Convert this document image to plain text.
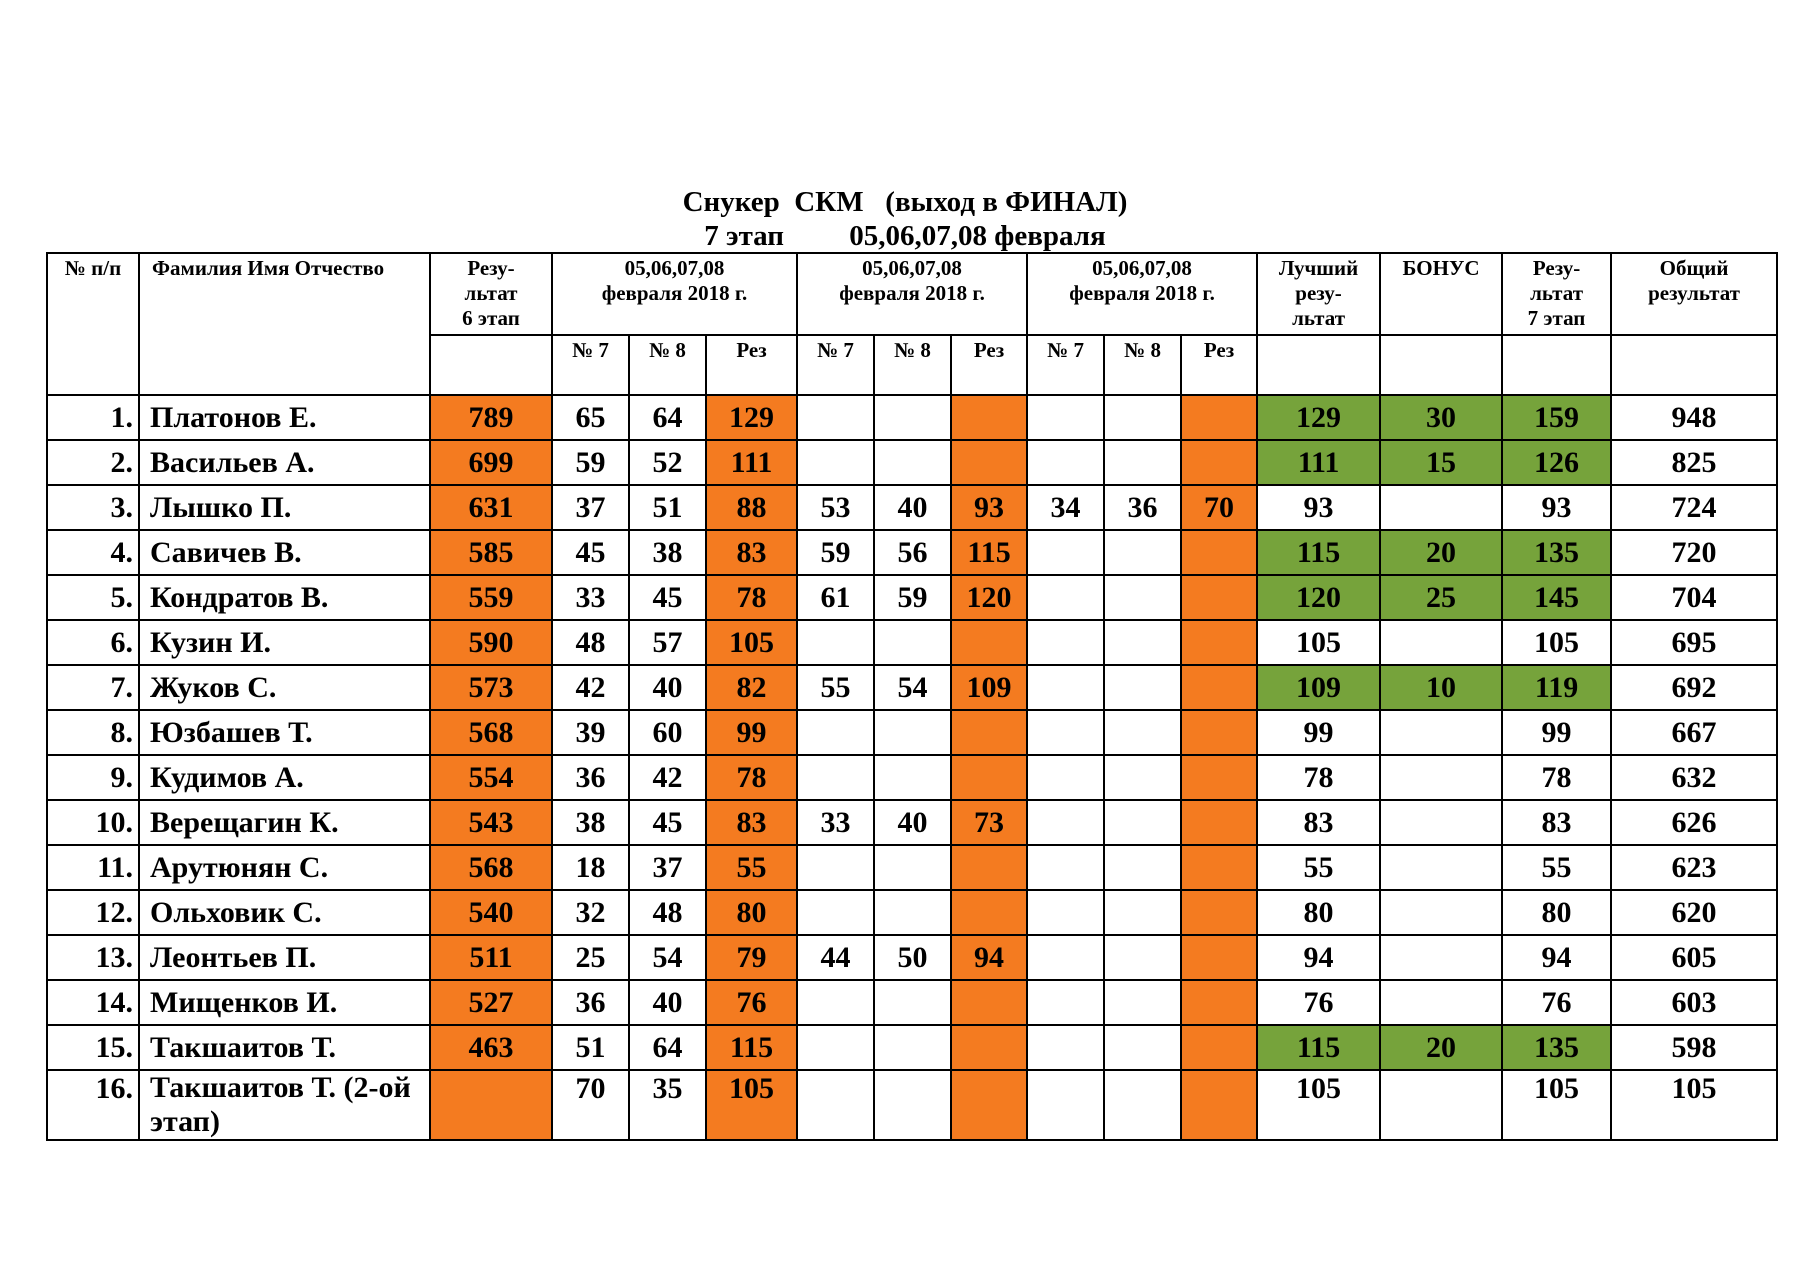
Снукер  СКМ   (выход в ФИНАЛ)
7 этап         05,06,07,08 февраля
№ п/п	Фамилия Имя Отчество	Резу-
льтат
6 этап	05,06,07,08
февраля 2018 г.			05,06,07,08
февраля 2018 г.			05,06,07,08
февраля 2018 г.			Лучший
резу-
льтат	БОНУС	Резу-
льтат
7 этап	Общий
результат
			№ 7	№ 8	Рез	№ 7	№ 8	Рез	№ 7	№ 8	Рез				
1.	Платонов Е.	789	65	64	129							129	30	159	948
2.	Васильев А.	699	59	52	111							111	15	126	825
3.	Лышко П.	631	37	51	88	53	40	93	34	36	70	93		93	724
4.	Савичев В.	585	45	38	83	59	56	115				115	20	135	720
5.	Кондратов В.	559	33	45	78	61	59	120				120	25	145	704
6.	Кузин И.	590	48	57	105							105		105	695
7.	Жуков С.	573	42	40	82	55	54	109				109	10	119	692
8.	Юзбашев Т.	568	39	60	99							99		99	667
9.	Кудимов А.	554	36	42	78							78		78	632
10.	Верещагин К.	543	38	45	83	33	40	73				83		83	626
11.	Арутюнян С.	568	18	37	55							55		55	623
12.	Ольховик С.	540	32	48	80							80		80	620
13.	Леонтьев П.	511	25	54	79	44	50	94				94		94	605
14.	Мищенков И.	527	36	40	76							76		76	603
15.	Такшаитов Т.	463	51	64	115							115	20	135	598
16.	Такшаитов Т. (2-ой этап)		70	35	105							105		105	105
